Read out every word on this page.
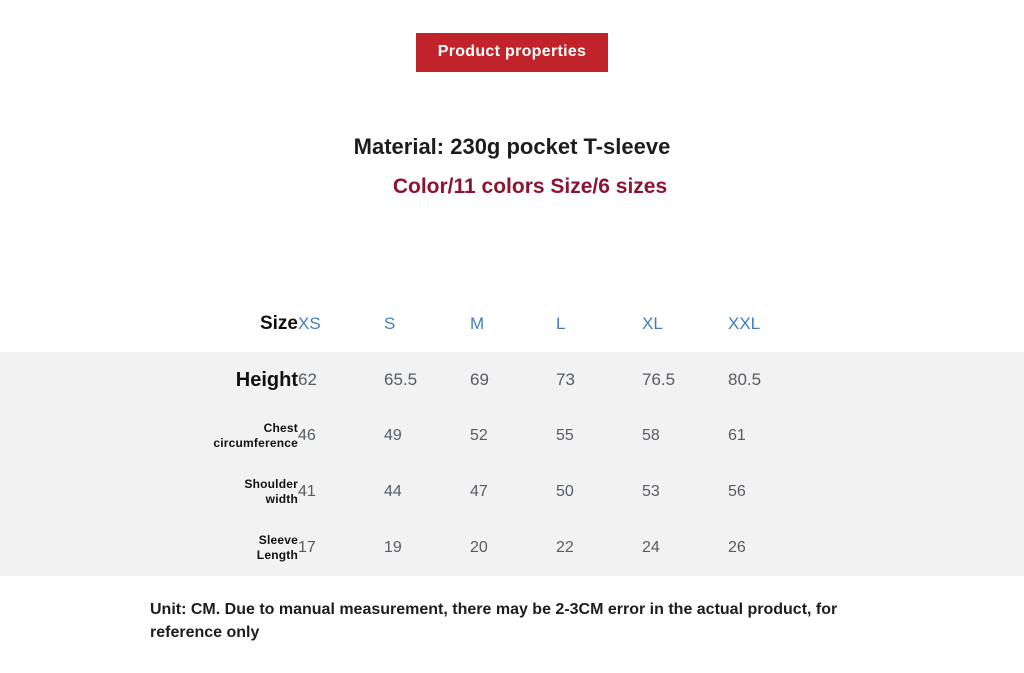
Product properties
Material: 230g pocket T-sleeve
Color/11 colors Size/6 sizes
Size	XS	S	M	L	XL	XXL	
Height	62	65.5	69	73	76.5	80.5	

Chest
circumference	46	49	52	55	58	61	

Shoulder
width	41	44	47	50	53	56	

Sleeve
Length	17	19	20	22	24	26	
Unit: CM. Due to manual measurement, there may be 2-3CM error in the actual product, for reference only
